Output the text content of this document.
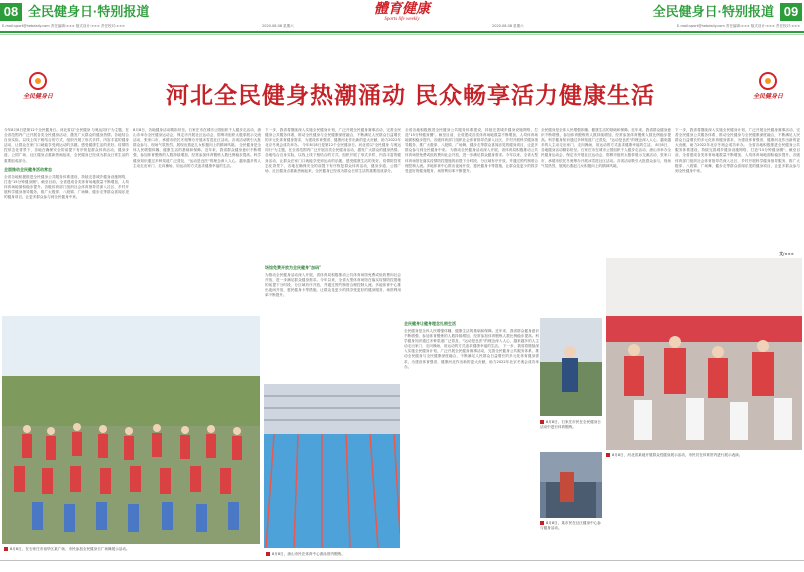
08 全民健身日·特别报道
E-mail:sport@hebdaily.com 责任编辑:××× 版式设计:××× 责任校对:×××
體育健康
Sports life weekly
2020.08.08 星期六	2020.08.08 星期六
全民健身日·特别报道 09
E-mail:sport@hebdaily.com 责任编辑:××× 版式设计:××× 责任校对:×××
全民健身日	全民健身日
河北全民健身热潮涌动 民众畅享活力健康生活
今年8月8日是第12个全民健身日。河北省以"全民健身 与奥运同行"为主题，在全省范围内广泛开展各类全民健身活动，激发广大群众的健身热情。各地结合自身实际，以线上线下相结合的方式，组织开展了形式多样、内容丰富的健身活动，让群众在家门口就能享受到运动的乐趣，感受健康生活的美好。疫情防控常态化背景下，各地在确保安全的前提下有序恢复群众体育活动，健身步道、公园广场、社区健身点重新热闹起来，全民健身已经成为群众日常生活的重要组成部分。
全面推动全民健身活动常态
全省各地积极推进全民健身公共服务体系建设，持续完善城乡健身设施网络，打造"15分钟健身圈"。截至目前，全省建成各类体育场地数量不断增加，人均体育场地面积稳步提升。各级体育部门组织社会体育指导员深入社区、乡村开展科学健身指导服务，推广太极拳、八段锦、广场舞、健步走等群众喜闻乐见的健身项目，让更多群众参与到全民健身中来。
8月8日，各地健身活动精彩纷呈。石家庄市在城市公园组织千人健步走活动，唐山市举办全民健身运动会，保定市开展社区运动会，邯郸市组织太极拳展示交流活动，张家口市、承德市依托冬奥筹办开展冰雪进社区活动。各项活动吸引大批群众参与，现场气氛热烈，展现出燕赵儿女积极向上的精神风貌。 全民健身是全体人民增强体魄、健康生活的基础和保障。近年来，我省群众健身意识不断增强，参加体育锻炼的人数持续增加，经常参加体育锻炼人数比例稳步提高。科学健身知识通过多种渠道广泛普及，"运动是良医"的理念深入人心，越来越多的人主动走出家门、走向操场，用运动的方式追求健康幸福的生活。
下一步，我省将继续深入实施全民健身计划，广泛开展全民健身赛事活动，完善全民健身公共服务体系，推动全民健身与全民健康深度融合，不断满足人民群众日益增长的多元化体育健身需求，为建设体育强省、健康河北作出新的更大贡献，助力2022年北京冬奥会成功举办。 今年8月8日是第12个全民健身日。河北省以"全民健身 与奥运同行"为主题，在全省范围内广泛开展各类全民健身活动，激发广大群众的健身热情。各地结合自身实际，以线上线下相结合的方式，组织开展了形式多样、内容丰富的健身活动，让群众在家门口就能享受到运动的乐趣，感受健康生活的美好。疫情防控常态化背景下，各地在确保安全的前提下有序恢复群众体育活动，健身步道、公园广场、社区健身点重新热闹起来，全民健身已经成为群众日常生活的重要组成部分。
场馆免费开放为全民健身"加码"
为推动全民健身活动深入开展，省体育局积极推动公共体育场馆免费或低收费向社会开放，进一步满足群众健身需求。今年以来，全省大型体育场馆在落实疫情防控措施的前提下分时段、分区域有序开放，并通过预约制度合理控制人流。多地体育中心推出夜间开放、惠民健身卡等措施，让群众花更少的钱享受更好的健身服务，场馆利用率不断提升。
全省各地积极推进全民健身公共服务体系建设，持续完善城乡健身设施网络，打造"15分钟健身圈"。截至目前，全省建成各类体育场地数量不断增加，人均体育场地面积稳步提升。各级体育部门组织社会体育指导员深入社区、乡村开展科学健身指导服务，推广太极拳、八段锦、广场舞、健步走等群众喜闻乐见的健身项目，让更多群众参与到全民健身中来。 为推动全民健身活动深入开展，省体育局积极推动公共体育场馆免费或低收费向社会开放，进一步满足群众健身需求。今年以来，全省大型体育场馆在落实疫情防控措施的前提下分时段、分区域有序开放，并通过预约制度合理控制人流。多地体育中心推出夜间开放、惠民健身卡等措施，让群众花更少的钱享受更好的健身服务，场馆利用率不断提升。
全民健身是全体人民增强体魄、健康生活的基础和保障。近年来，我省群众健身意识不断增强，参加体育锻炼的人数持续增加，经常参加体育锻炼人数比例稳步提高。科学健身知识通过多种渠道广泛普及，"运动是良医"的理念深入人心，越来越多的人主动走出家门、走向操场，用运动的方式追求健康幸福的生活。 8月8日，各地健身活动精彩纷呈。石家庄市在城市公园组织千人健步走活动，唐山市举办全民健身运动会，保定市开展社区运动会，邯郸市组织太极拳展示交流活动，张家口市、承德市依托冬奥筹办开展冰雪进社区活动。各项活动吸引大批群众参与，现场气氛热烈，展现出燕赵儿女积极向上的精神风貌。
下一步，我省将继续深入实施全民健身计划，广泛开展全民健身赛事活动，完善全民健身公共服务体系，推动全民健身与全民健康深度融合，不断满足人民群众日益增长的多元化体育健身需求，为建设体育强省、健康河北作出新的更大贡献，助力2022年北京冬奥会成功举办。 全省各地积极推进全民健身公共服务体系建设，持续完善城乡健身设施网络，打造"15分钟健身圈"。截至目前，全省建成各类体育场地数量不断增加，人均体育场地面积稳步提升。各级体育部门组织社会体育指导员深入社区、乡村开展科学健身指导服务，推广太极拳、八段锦、广场舞、健步走等群众喜闻乐见的健身项目，让更多群众参与到全民健身中来。
文/×××
全民健身让健身理念扎根生活
全民健身是全体人民增强体魄、健康生活的基础和保障。近年来，我省群众健身意识不断增强，参加体育锻炼的人数持续增加，经常参加体育锻炼人数比例稳步提高。科学健身知识通过多种渠道广泛普及，"运动是良医"的理念深入人心，越来越多的人主动走出家门、走向操场，用运动的方式追求健康幸福的生活。 下一步，我省将继续深入实施全民健身计划，广泛开展全民健身赛事活动，完善全民健身公共服务体系，推动全民健身与全民健康深度融合，不断满足人民群众日益增长的多元化体育健身需求，为建设体育强省、健康河北作出新的更大贡献，助力2022年北京冬奥会成功举办。
8月8日，在石家庄市裕华区某广场，市民参加全民健身日广场舞展示活动。
8月8日，唐山市民在体育中心游泳馆内锻炼。
8月8日，石家庄市民在全民健身日活动中进行体育锻炼。
8月8日，某市民在社区健身中心参与健身活动。
8月8日，河北省某地开展群众性健身展示活动，市民们在体育馆内进行展示表演。
